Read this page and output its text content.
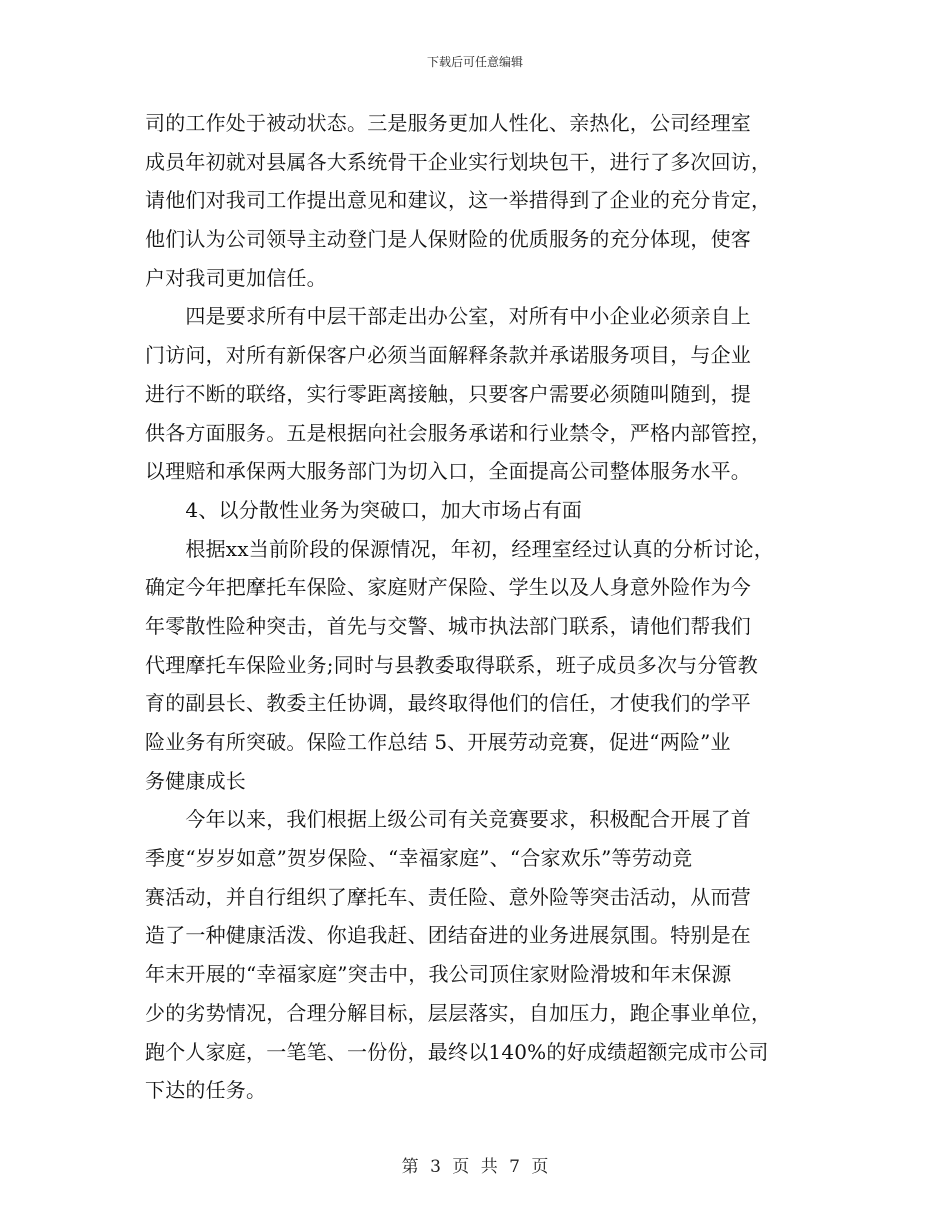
下载后可任意编辑
司的工作处于被动状态。三是服务更加人性化、亲热化，公司经理室
成员年初就对县属各大系统骨干企业实行划块包干，进行了多次回访，
请他们对我司工作提出意见和建议，这一举措得到了企业的充分肯定，
他们认为公司领导主动登门是人保财险的优质服务的充分体现，使客
户对我司更加信任。
　　四是要求所有中层干部走出办公室，对所有中小企业必须亲自上
门访问，对所有新保客户必须当面解释条款并承诺服务项目，与企业
进行不断的联络，实行零距离接触，只要客户需要必须随叫随到，提
供各方面服务。五是根据向社会服务承诺和行业禁令，严格内部管控，
以理赔和承保两大服务部门为切入口，全面提高公司整体服务水平。
　　4、以分散性业务为突破口，加大市场占有面
　　根据xx当前阶段的保源情况，年初，经理室经过认真的分析讨论，
确定今年把摩托车保险、家庭财产保险、学生以及人身意外险作为今
年零散性险种突击，首先与交警、城市执法部门联系，请他们帮我们
代理摩托车保险业务;同时与县教委取得联系，班子成员多次与分管教
育的副县长、教委主任协调，最终取得他们的信任，才使我们的学平
险业务有所突破。保险工作总结 5、开展劳动竞赛，促进“两险”业
务健康成长
　　今年以来，我们根据上级公司有关竞赛要求，积极配合开展了首
季度“岁岁如意”贺岁保险、“幸福家庭”、“合家欢乐”等劳动竞
赛活动，并自行组织了摩托车、责任险、意外险等突击活动，从而营
造了一种健康活泼、你追我赶、团结奋进的业务进展氛围。特别是在
年末开展的“幸福家庭”突击中，我公司顶住家财险滑坡和年末保源
少的劣势情况，合理分解目标，层层落实，自加压力，跑企事业单位，
跑个人家庭，一笔笔、一份份，最终以140%的好成绩超额完成市公司
下达的任务。
第 3 页 共 7 页
